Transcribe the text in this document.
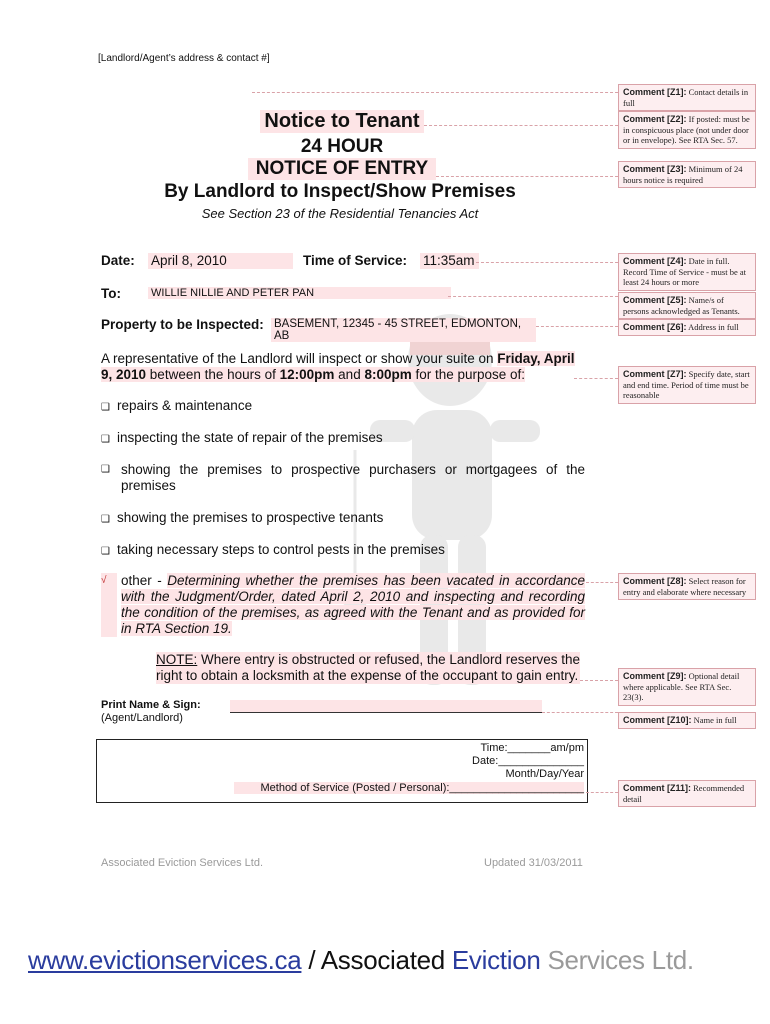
[Landlord/Agent’s address & contact #]
Notice to Tenant
24 HOUR
NOTICE OF ENTRY
By Landlord to Inspect/Show Premises
See Section 23 of the Residential Tenancies Act
Date: April 8, 2010	Time of Service: 11:35am
To:	WILLIE NILLIE AND PETER PAN
Property to be Inspected: BASEMENT, 12345 - 45 STREET, EDMONTON, AB
A representative of the Landlord will inspect or show your suite on Friday, April 9, 2010 between the hours of 12:00pm and 8:00pm for the purpose of:
❑ repairs & maintenance
❑ inspecting the state of repair of the premises
❑ showing the premises to prospective purchasers or mortgagees of the premises
❑ showing the premises to prospective tenants
❑ taking necessary steps to control pests in the premises
√	other - Determining whether the premises has been vacated in accordance with the Judgment/Order, dated April 2, 2010 and inspecting and recording the condition of the premises, as agreed with the Tenant and as provided for in RTA Section 19.
NOTE: Where entry is obstructed or refused, the Landlord reserves the right to obtain a locksmith at the expense of the occupant to gain entry.
Print Name & Sign:
(Agent/Landlord)
Time:_______am/pm
Date:______________
Month/Day/Year
Method of Service (Posted / Personal):______________________
Associated Eviction Services Ltd.	Updated 31/03/2011
www.evictionservices.ca / Associated Eviction Services Ltd.
Comment [Z1]: Contact details in full
Comment [Z2]: If posted: must be in conspicuous place (not under door or in envelope). See RTA Sec. 57.
Comment [Z3]: Minimum of 24 hours notice is required
Comment [Z4]: Date in full. Record Time of Service - must be at least 24 hours or more
Comment [Z5]: Name/s of persons acknowledged as Tenants.
Comment [Z6]: Address in full
Comment [Z7]: Specify date, start and end time. Period of time must be reasonable
Comment [Z8]: Select reason for entry and elaborate where necessary
Comment [Z9]: Optional detail where applicable. See RTA Sec. 23(3).
Comment [Z10]: Name in full
Comment [Z11]: Recommended detail
